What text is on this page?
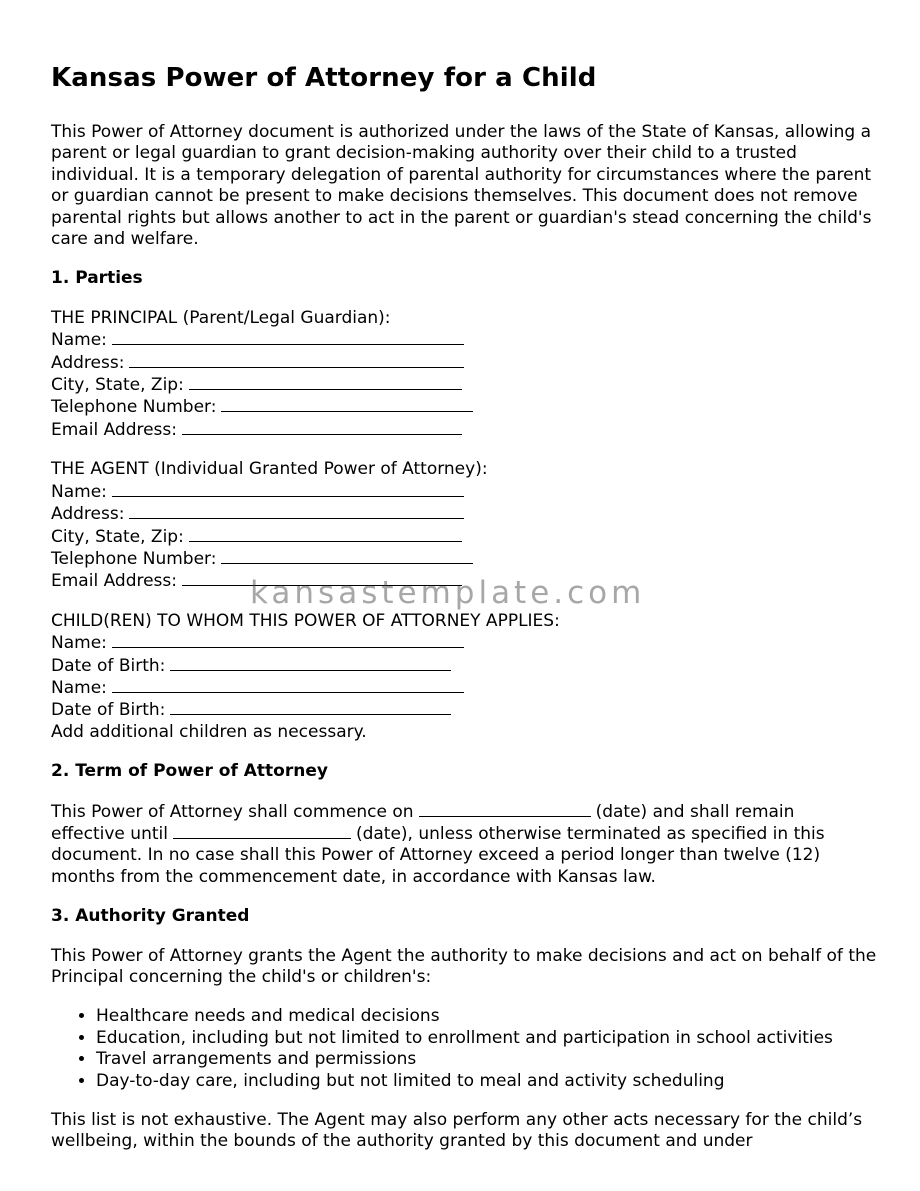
Kansas Power of Attorney for a Child

This Power of Attorney document is authorized under the laws of the State of Kansas, allowing a parent or legal guardian to grant decision-making authority over their child to a trusted individual. It is a temporary delegation of parental authority for circumstances where the parent or guardian cannot be present to make decisions themselves. This document does not remove parental rights but allows another to act in the parent or guardian's stead concerning the child's care and welfare.

1. Parties
THE PRINCIPAL (Parent/Legal Guardian):
Name:
Address:
City, State, Zip:
Telephone Number:
Email Address:
THE AGENT (Individual Granted Power of Attorney):
Name:
Address:
City, State, Zip:
Telephone Number:
Email Address:
CHILD(REN) TO WHOM THIS POWER OF ATTORNEY APPLIES:
Name:
Date of Birth:
Name:
Date of Birth:
Add additional children as necessary.
2. Term of Power of Attorney

This Power of Attorney shall commence on	(date) and shall remain
effective until	(date), unless otherwise terminated as specified in this document. In no case shall this Power of Attorney exceed a period longer than twelve (12) months from the commencement date, in accordance with Kansas law.

3. Authority Granted

This Power of Attorney grants the Agent the authority to make decisions and act on behalf of the Principal concerning the child's or children's:

• Healthcare needs and medical decisions
• Education, including but not limited to enrollment and participation in school activities
• Travel arrangements and permissions
• Day-to-day care, including but not limited to meal and activity scheduling

This list is not exhaustive. The Agent may also perform any other acts necessary for the child’s wellbeing, within the bounds of the authority granted by this document and under

kansastemplate.com
